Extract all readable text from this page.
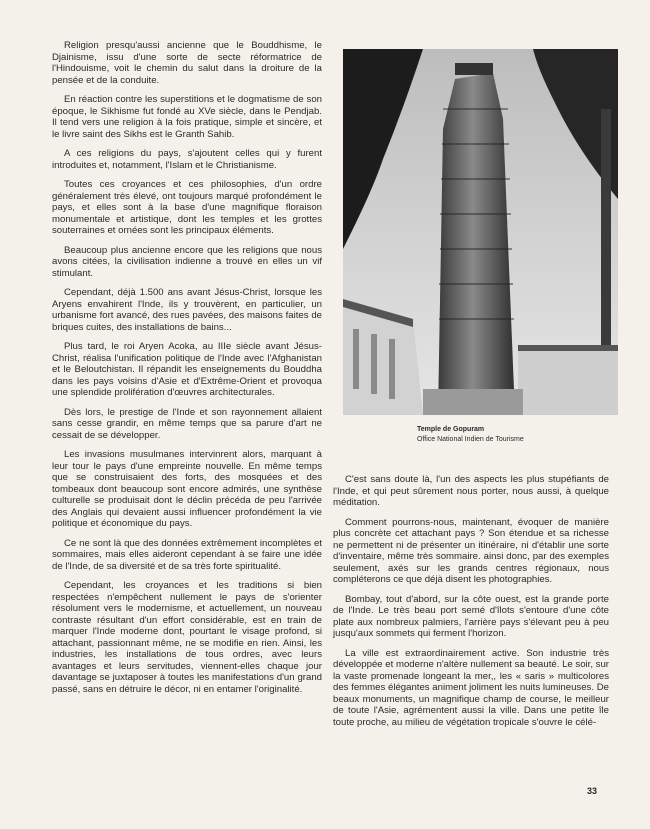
Religion presqu'aussi ancienne que le Bouddhisme, le Djainisme, issu d'une sorte de secte réformatrice de l'Hindouisme, voit le chemin du salut dans la droiture de la pensée et de la conduite.

En réaction contre les superstitions et le dogmatisme de son époque, le Sikhisme fut fondé au XVe siècle, dans le Pendjab. Il tend vers une religion à la fois pratique, simple et sincère, et le livre saint des Sikhs est le Granth Sahib.

A ces religions du pays, s'ajoutent celles qui y furent introduites et, notamment, l'Islam et le Christianisme.

Toutes ces croyances et ces philosophies, d'un ordre généralement très élevé, ont toujours marqué profondément le pays, et elles sont à la base d'une magnifique floraison monumentale et artistique, dont les temples et les grottes souterraines et ornées sont les principaux éléments.

Beaucoup plus ancienne encore que les religions que nous avons citées, la civilisation indienne a trouvé en elles un vif stimulant.

Cependant, déjà 1.500 ans avant Jésus-Christ, lorsque les Aryens envahirent l'Inde, ils y trouvèrent, en particulier, un urbanisme fort avancé, des rues pavées, des maisons faites de briques cuites, des installations de bains...

Plus tard, le roi Aryen Acoka, au IIIe siècle avant Jésus-Christ, réalisa l'unification politique de l'Inde avec l'Afghanistan et le Beloutchistan. Il répandit les enseignements du Bouddha dans les pays voisins d'Asie et d'Extrême-Orient et provoqua une splendide prolifération d'œuvres architecturales.

Dès lors, le prestige de l'Inde et son rayonnement allaient sans cesse grandir, en même temps que sa parure d'art ne cessait de se développer.

Les invasions musulmanes intervinrent alors, marquant à leur tour le pays d'une empreinte nouvelle. En même temps que se construisaient des forts, des mosquées et des tombeaux dont beaucoup sont encore admirés, une synthèse culturelle se produisait dont le déclin précéda de peu l'arrivée des Anglais qui devaient aussi influencer profondément la vie politique et économique du pays.

Ce ne sont là que des données extrêmement incomplètes et sommaires, mais elles aideront cependant à se faire une idée de l'Inde, de sa diversité et de sa très forte spiritualité.

Cependant, les croyances et les traditions si bien respectées n'empêchent nullement le pays de s'orienter résolument vers le modernisme, et actuellement, un nouveau contraste résultant d'un effort considérable, est en train de marquer l'Inde moderne dont, pourtant le visage profond, si attachant, passionnant même, ne se modifie en rien. Ainsi, les industries, les installations de tous ordres, avec leurs avantages et leurs servitudes, viennent-elles chaque jour davantage se juxtaposer à toutes les manifestations d'un grand passé, sans en détruire le décor, ni en entamer l'originalité.

Temple de Gopuram
Office National Indien de Tourisme

C'est sans doute là, l'un des aspects les plus stupéfiants de l'Inde, et qui peut sûrement nous porter, nous aussi, à quelque méditation.

Comment pourrons-nous, maintenant, évoquer de manière plus concrète cet attachant pays ? Son étendue et sa richesse ne permettent ni de présenter un itinéraire, ni d'établir une sorte d'inventaire, même très sommaire. ainsi donc, par des exemples seulement, axés sur les grands centres régionaux, nous compléterons ce que déjà disent les photographies.

Bombay, tout d'abord, sur la côte ouest, est la grande porte de l'Inde. Le très beau port semé d'îlots s'entoure d'une côte plate aux nombreux palmiers, l'arrière pays s'élevant peu à peu jusqu'aux sommets qui ferment l'horizon.

La ville est extraordinairement active. Son industrie très développée et moderne n'altère nullement sa beauté. Le soir, sur la vaste promenade longeant la mer,, les « saris » multicolores des femmes élégantes animent joliment les nuits lumineuses. De beaux monuments, un magnifique champ de course, le meilleur de toute l'Asie, agrémentent aussi la ville. Dans une petite île toute proche, au milieu de végétation tropicale s'ouvre le célé-

33
